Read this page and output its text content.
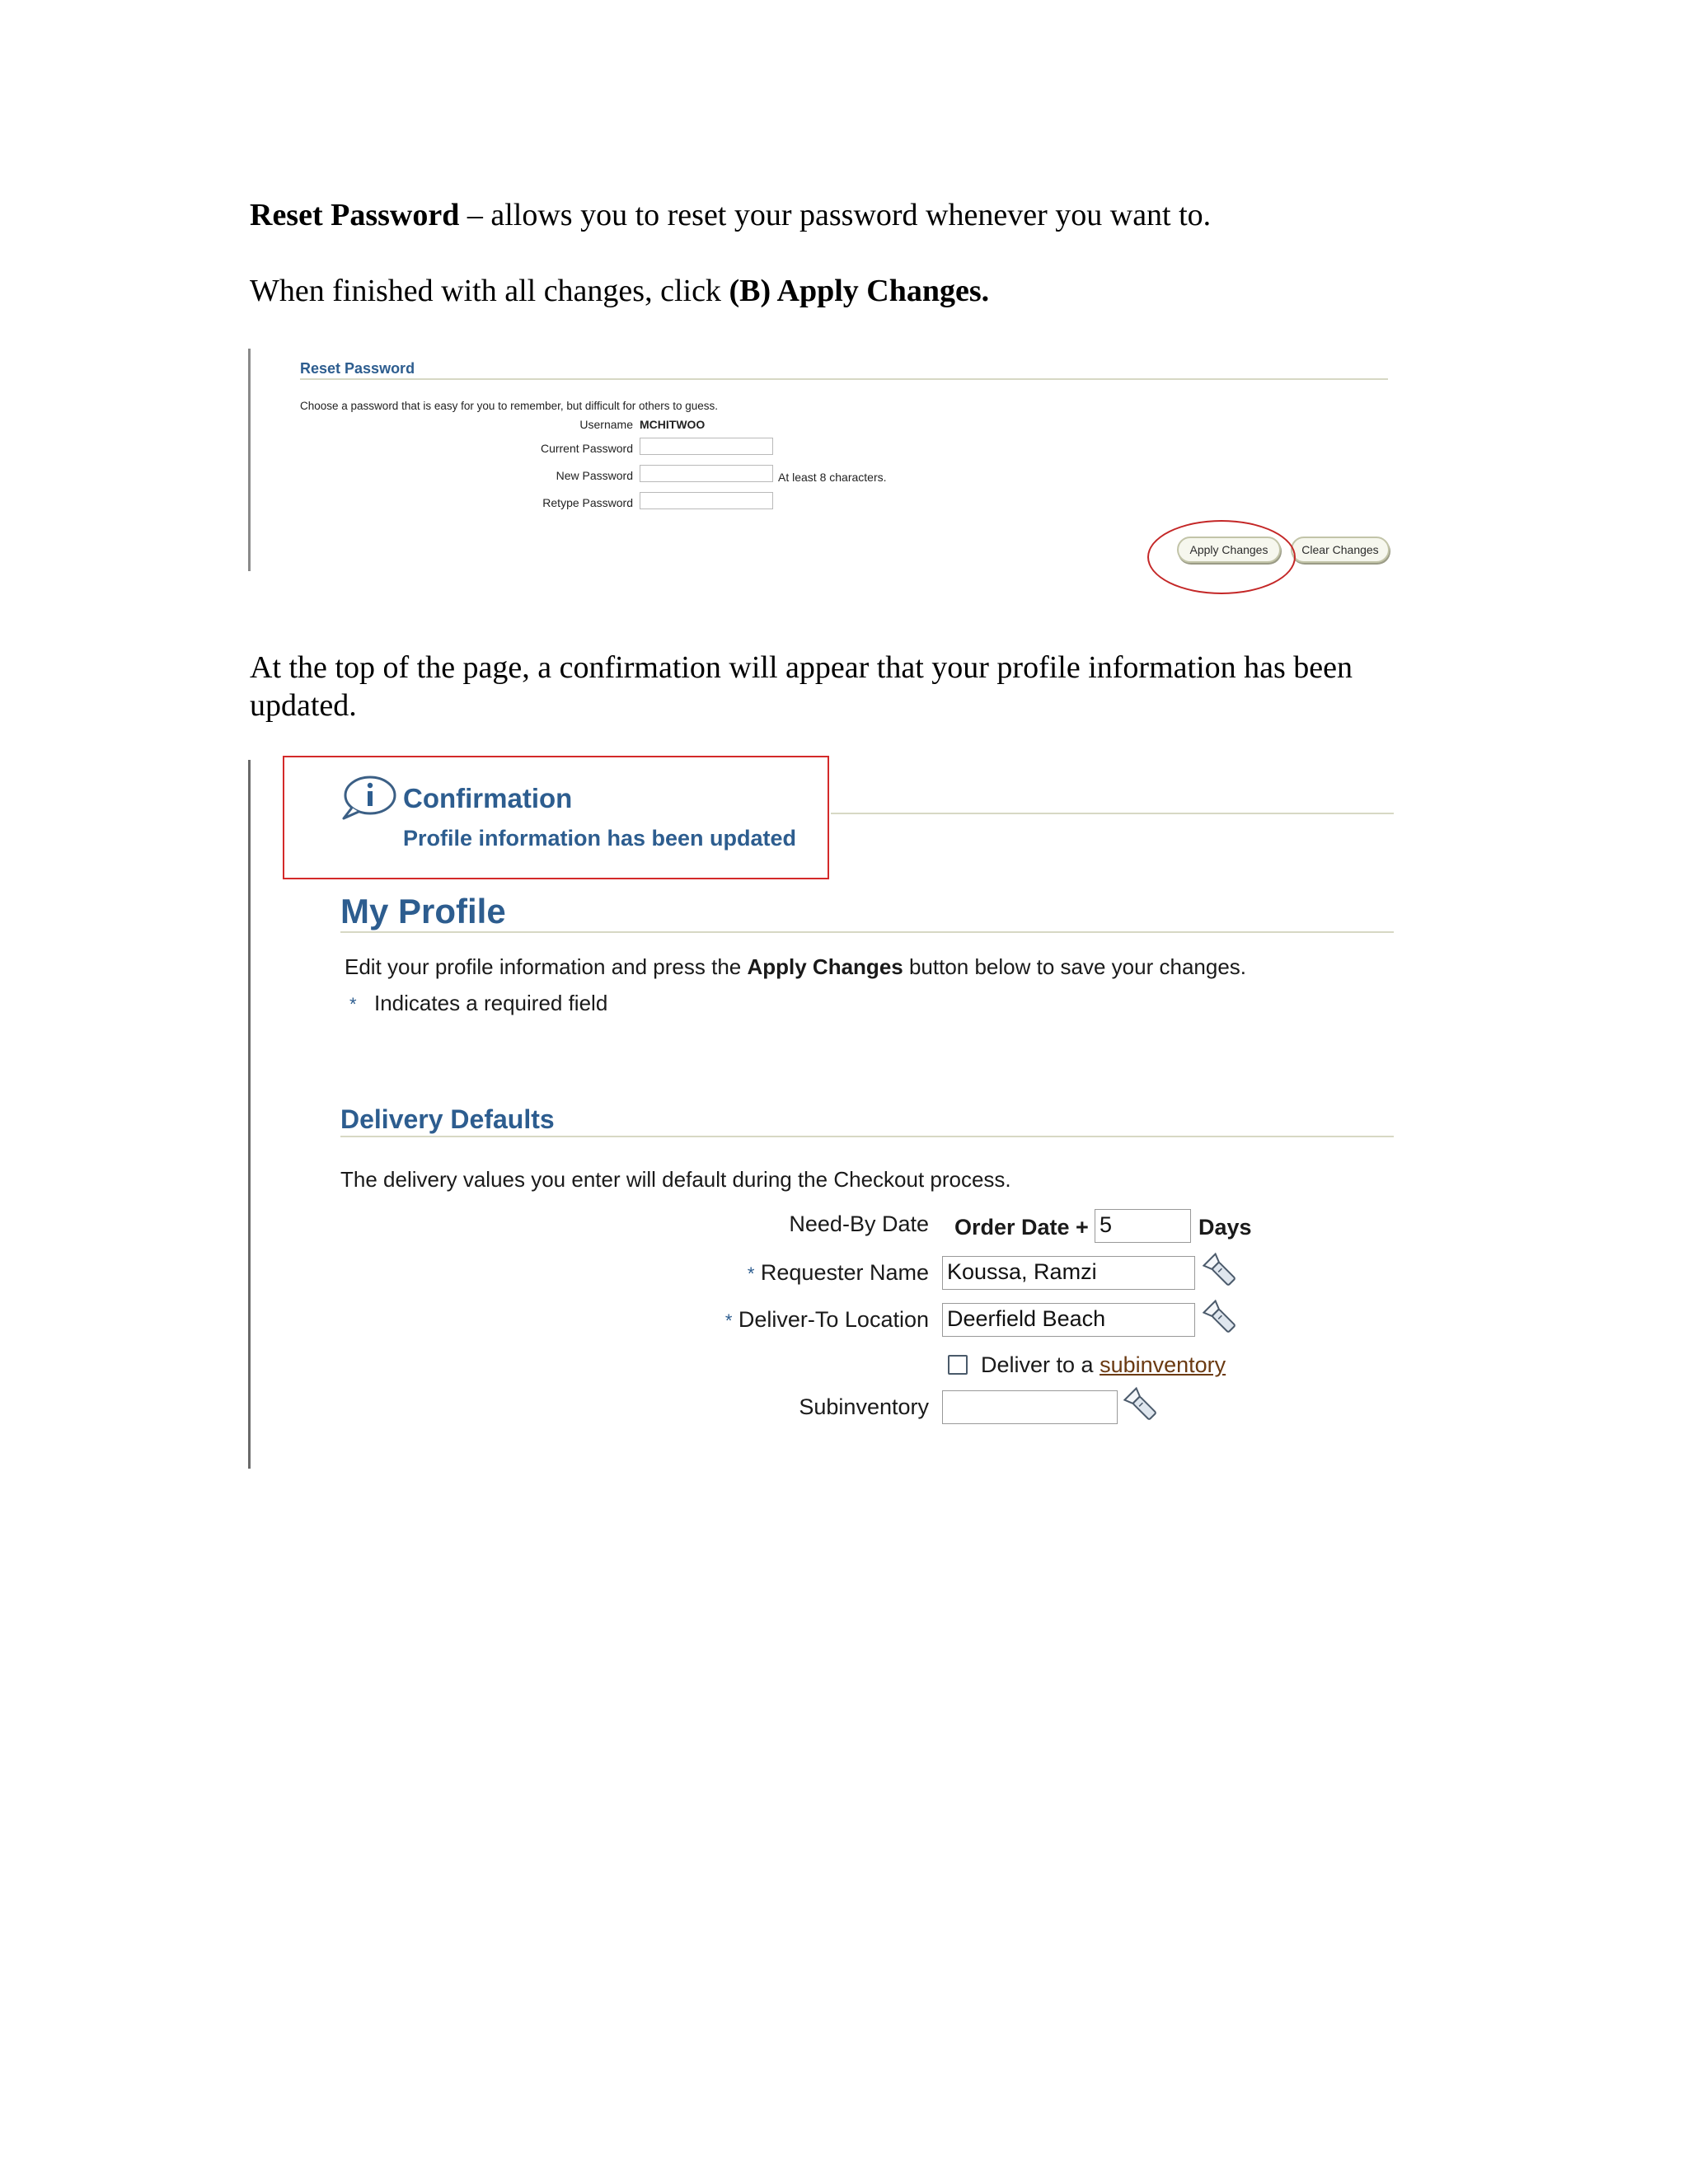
Reset Password – allows you to reset your password whenever you want to.
When finished with all changes, click (B) Apply Changes.
Reset Password
Choose a password that is easy for you to remember, but difficult for others to guess.
Username MCHITWOO
Current Password
New Password	At least 8 characters.
Retype Password
Apply Changes	Clear Changes
At the top of the page, a confirmation will appear that your profile information has been updated.
Confirmation
Profile information has been updated
My Profile
Edit your profile information and press the Apply Changes button below to save your changes.
* Indicates a required field
Delivery Defaults
The delivery values you enter will default during the Checkout process.
Need-By Date Order Date + 5	Days
* Requester Name Koussa, Ramzi
* Deliver-To Location Deerfield Beach
Deliver to a subinventory
Subinventory
